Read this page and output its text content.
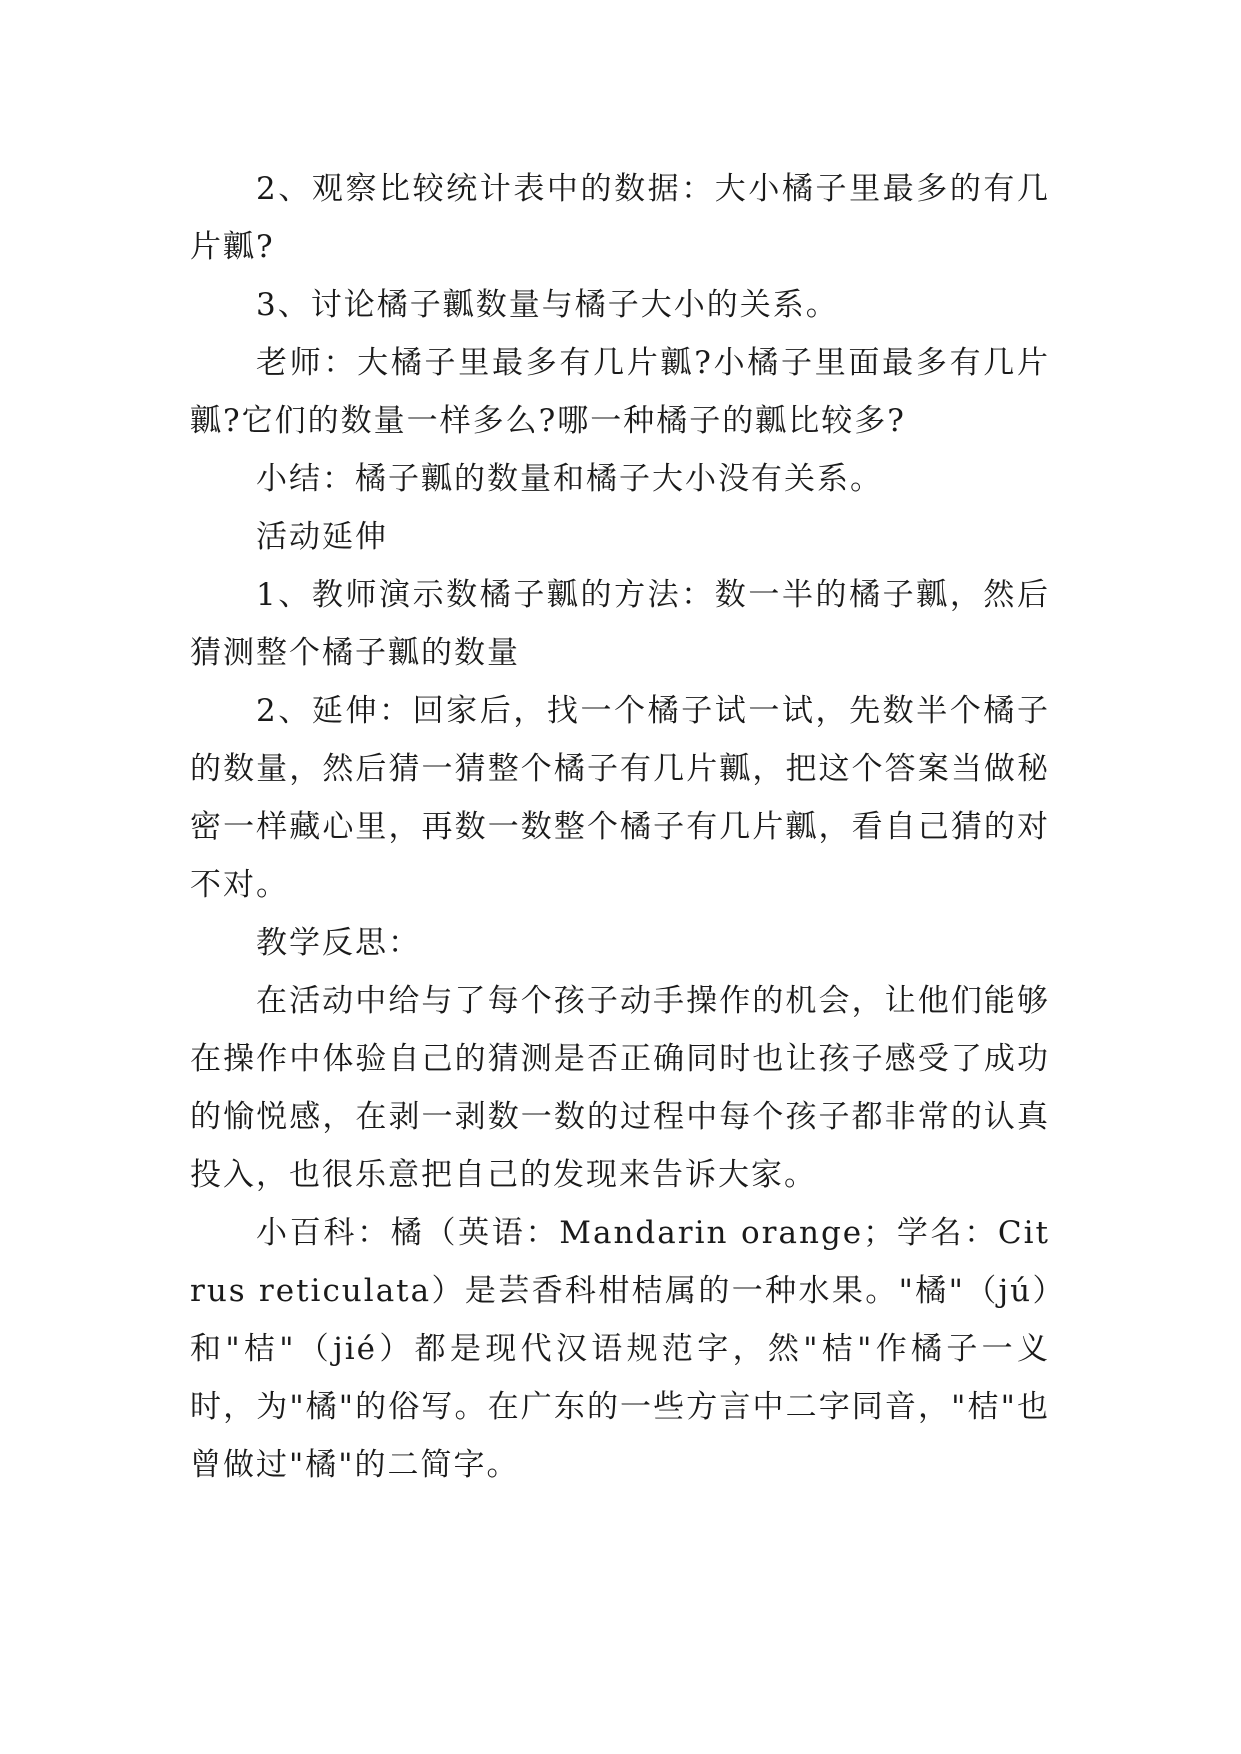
2、观察比较统计表中的数据：大小橘子里最多的有几片瓤?

3、讨论橘子瓤数量与橘子大小的关系。

老师：大橘子里最多有几片瓤?小橘子里面最多有几片瓤?它们的数量一样多么?哪一种橘子的瓤比较多?

小结：橘子瓤的数量和橘子大小没有关系。

活动延伸

1、教师演示数橘子瓤的方法：数一半的橘子瓤，然后猜测整个橘子瓤的数量

2、延伸：回家后，找一个橘子试一试，先数半个橘子的数量，然后猜一猜整个橘子有几片瓤，把这个答案当做秘密一样藏心里，再数一数整个橘子有几片瓤，看自己猜的对不对。

教学反思：

在活动中给与了每个孩子动手操作的机会，让他们能够在操作中体验自己的猜测是否正确同时也让孩子感受了成功的愉悦感，在剥一剥数一数的过程中每个孩子都非常的认真投入，也很乐意把自己的发现来告诉大家。

小百科：橘（英语：Mandarin orange；学名：Citrus reticulata）是芸香科柑桔属的一种水果。"橘"（jú）和"桔"（jié）都是现代汉语规范字，然"桔"作橘子一义时，为"橘"的俗写。在广东的一些方言中二字同音，"桔"也曾做过"橘"的二简字。
